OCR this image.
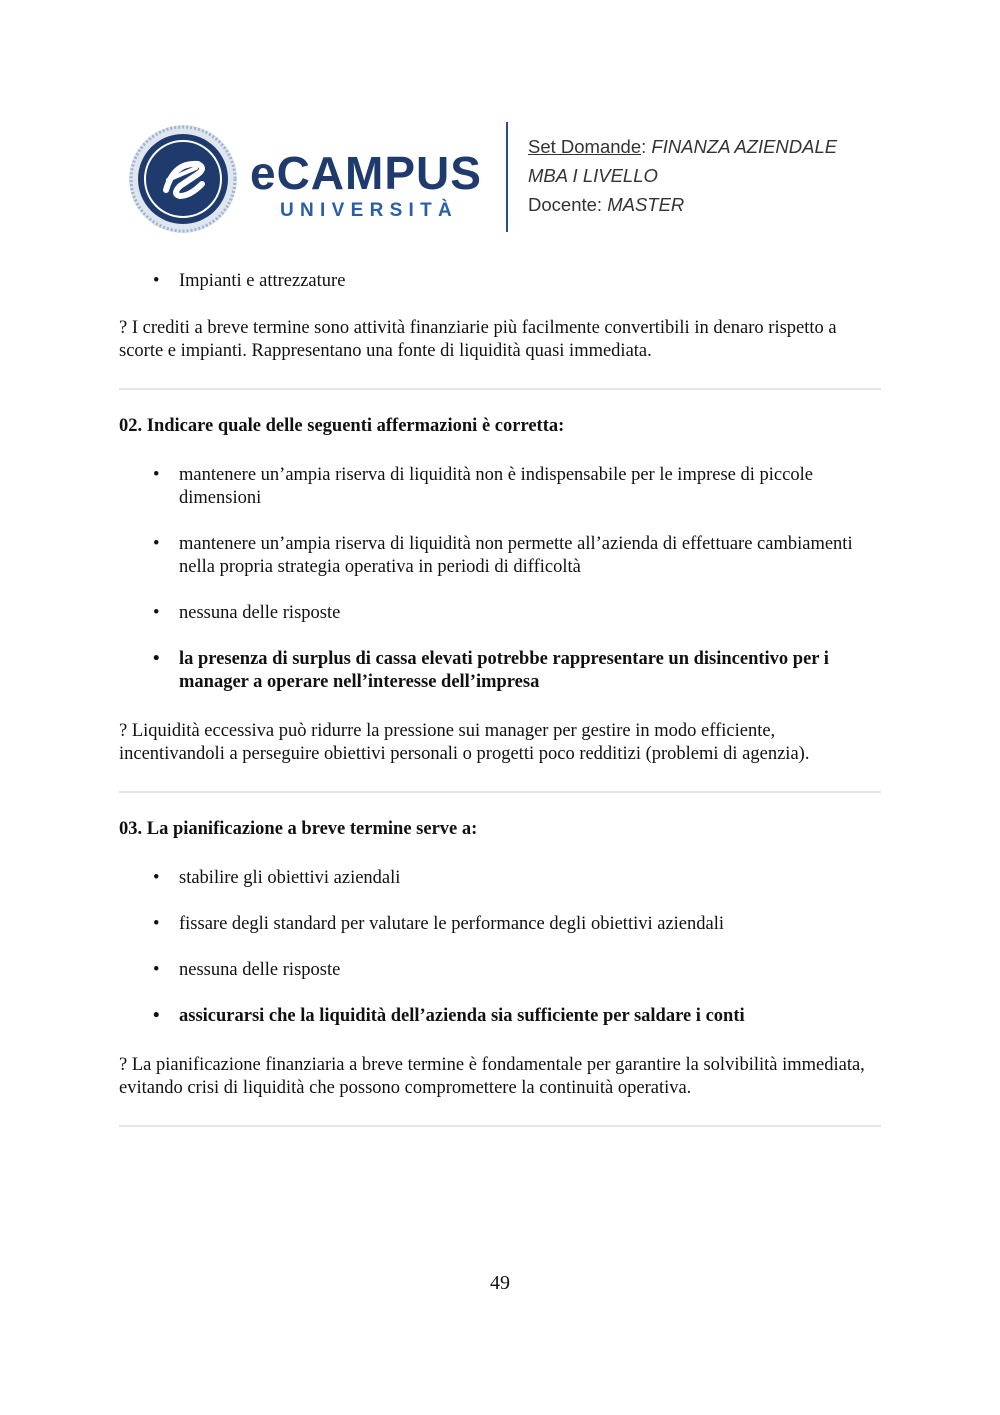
eCAMPUS
UNIVERSITÀ
Set Domande: FINANZA AZIENDALE
MBA I LIVELLO
Docente: MASTER
• Impianti e attrezzature

? I crediti a breve termine sono attività finanziarie più facilmente convertibili in denaro rispetto a scorte e impianti. Rappresentano una fonte di liquidità quasi immediata.

02. Indicare quale delle seguenti affermazioni è corretta:

• mantenere un’ampia riserva di liquidità non è indispensabile per le imprese di piccole dimensioni
• mantenere un’ampia riserva di liquidità non permette all’azienda di effettuare cambiamenti nella propria strategia operativa in periodi di difficoltà
• nessuna delle risposte
• la presenza di surplus di cassa elevati potrebbe rappresentare un disincentivo per i manager a operare nell’interesse dell’impresa

? Liquidità eccessiva può ridurre la pressione sui manager per gestire in modo efficiente, incentivandoli a perseguire obiettivi personali o progetti poco redditizi (problemi di agenzia).

03. La pianificazione a breve termine serve a:

• stabilire gli obiettivi aziendali
• fissare degli standard per valutare le performance degli obiettivi aziendali
• nessuna delle risposte
• assicurarsi che la liquidità dell’azienda sia sufficiente per saldare i conti

? La pianificazione finanziaria a breve termine è fondamentale per garantire la solvibilità immediata, evitando crisi di liquidità che possono compromettere la continuità operativa.

49
